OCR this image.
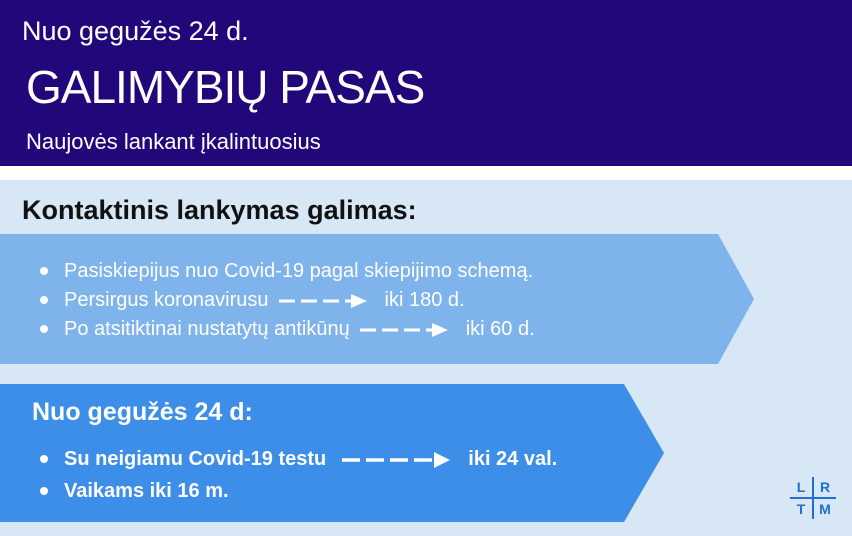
Nuo gegužės 24 d.
GALIMYBIŲ PASAS
Naujovės lankant įkalintuosius
Kontaktinis lankymas galimas:
Pasiskiepijus nuo Covid-19 pagal skiepijimo schemą.
Persirgus koronavirusu	iki 180 d.
Po atsitiktinai nustatytų antikūnų	iki 60 d.
Nuo gegužės 24 d:
Su neigiamu Covid-19 testu	iki 24 val.
Vaikams iki 16 m.	L	R
T M
